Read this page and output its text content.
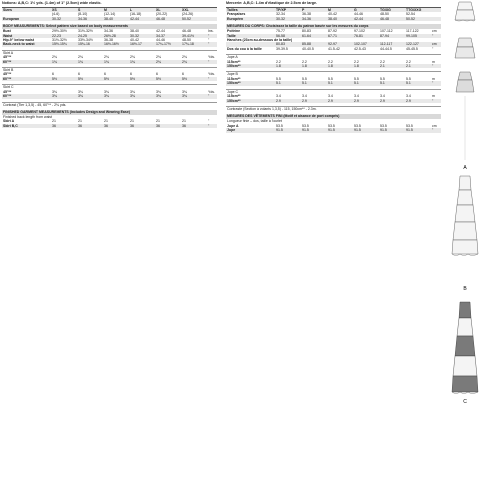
Notions: A,B,C: 1½ yds. (1.4m) of 1" (2.5cm) wide elastic.
Sizes	XS	S	M	L	XL	XXL	
	(4-6)	(8-10)	(12-14)	(16-18)	(20-22)	(24-26)	
European	30-32	34-36	38-40	42-44	46-48	50-52	

BODY MEASUREMENTS: Select pattern size based on body measurements							
Bust	29½-30½	31½-32½	34-36	38-40	42-44	46-48	Ins.
Waist	22-23	24-25	26½-28	30-32	34-37	39-41½	"
Hip-9" below waist	31½-32½	33½-34½	36-38	40-42	44-46	48-50	"
Back-neck to waist	15½-15¾	15¾-16	16½-16½	16½-17	17¼-17½	17¾-18	"

Skirt A							
45"**	2¾	2¾	2¾	2¾	2¾	2¾	Yds.
60"**	1¾	1¾	1¾	1¾	2¾	2¾	"

Skirt B							
45"**	6	6	6	6	6	6	Yds.
60"**	5½	5½	5½	5½	5½	5½	"

Skirt C							
45"**	3¾	3¾	3¾	3¾	3¾	3¾	Yds.
60"**	3¾	3¾	3¾	3¾	3¾	3¾	"

Contrast (Tier 1,3,5) - 45, 60"** - 2¾ yds.							

FINISHED GARMENT MEASUREMENTS (Includes Design and Wearing Ease)							
Finished back length from waist							
Skirt A	21	21	21	21	21	21	"
Skirt B,C	36	36	36	36	36	36	"
Mercerie: A,B,C: 1.4m d'élastique de 2.5cm de large.
Tailles	TP/XP	P	M	G	TG/XG	TTG/XXG	
Françaises	32-34	36-38	40-42	44-46	48-50	52-54	
Européen	30-32	34-36	38-40	42-44	46-48	50-52	

MESURES DU CORPS: Choisissez la taille du patron basée sur les mesures du corps							
Poitrine	75-77	80-83	87-92	97-102	107-112	117-122	cm
Taille	56-58	61-64	67-71	76-81	87-94	99-105	"
Hanches (23cm au-dessous de la taille)							
	80-83	85-88	92-97	102-107	112-117	122-127	cm
Dos du cou à la taille	39-39.5	40-40.5	41.5-42	42.5-43	44-44.5	45-45.5	"

Jupe A							
115cm**	2.2	2.2	2.2	2.2	2.2	2.2	m
150cm**	1.8	1.8	1.8	1.8	2.1	2.1	"

Jupe B							
115cm**	5.5	5.5	5.5	5.5	5.5	5.5	m
150cm**	5.1	5.1	5.1	5.1	5.1	5.1	"

Jupe C							
115cm**	3.4	3.4	3.4	3.4	3.4	3.4	m
150cm**	2.9	2.9	2.9	2.9	2.9	2.9	"

Contraste (Section à volants 1,3,5) - 115, 150cm** - 2.3m.							

MESURES DES VÊTEMENTS FINI (Motif et aisance de port compris)							
Longueur finie – dos, taille à l'ourlet							
Jupe A	53.5	53.5	53.5	53.5	53.5	53.5	cm
Jupe	91.5	91.5	91.5	91.5	91.5	91.5	"
A
B
C
